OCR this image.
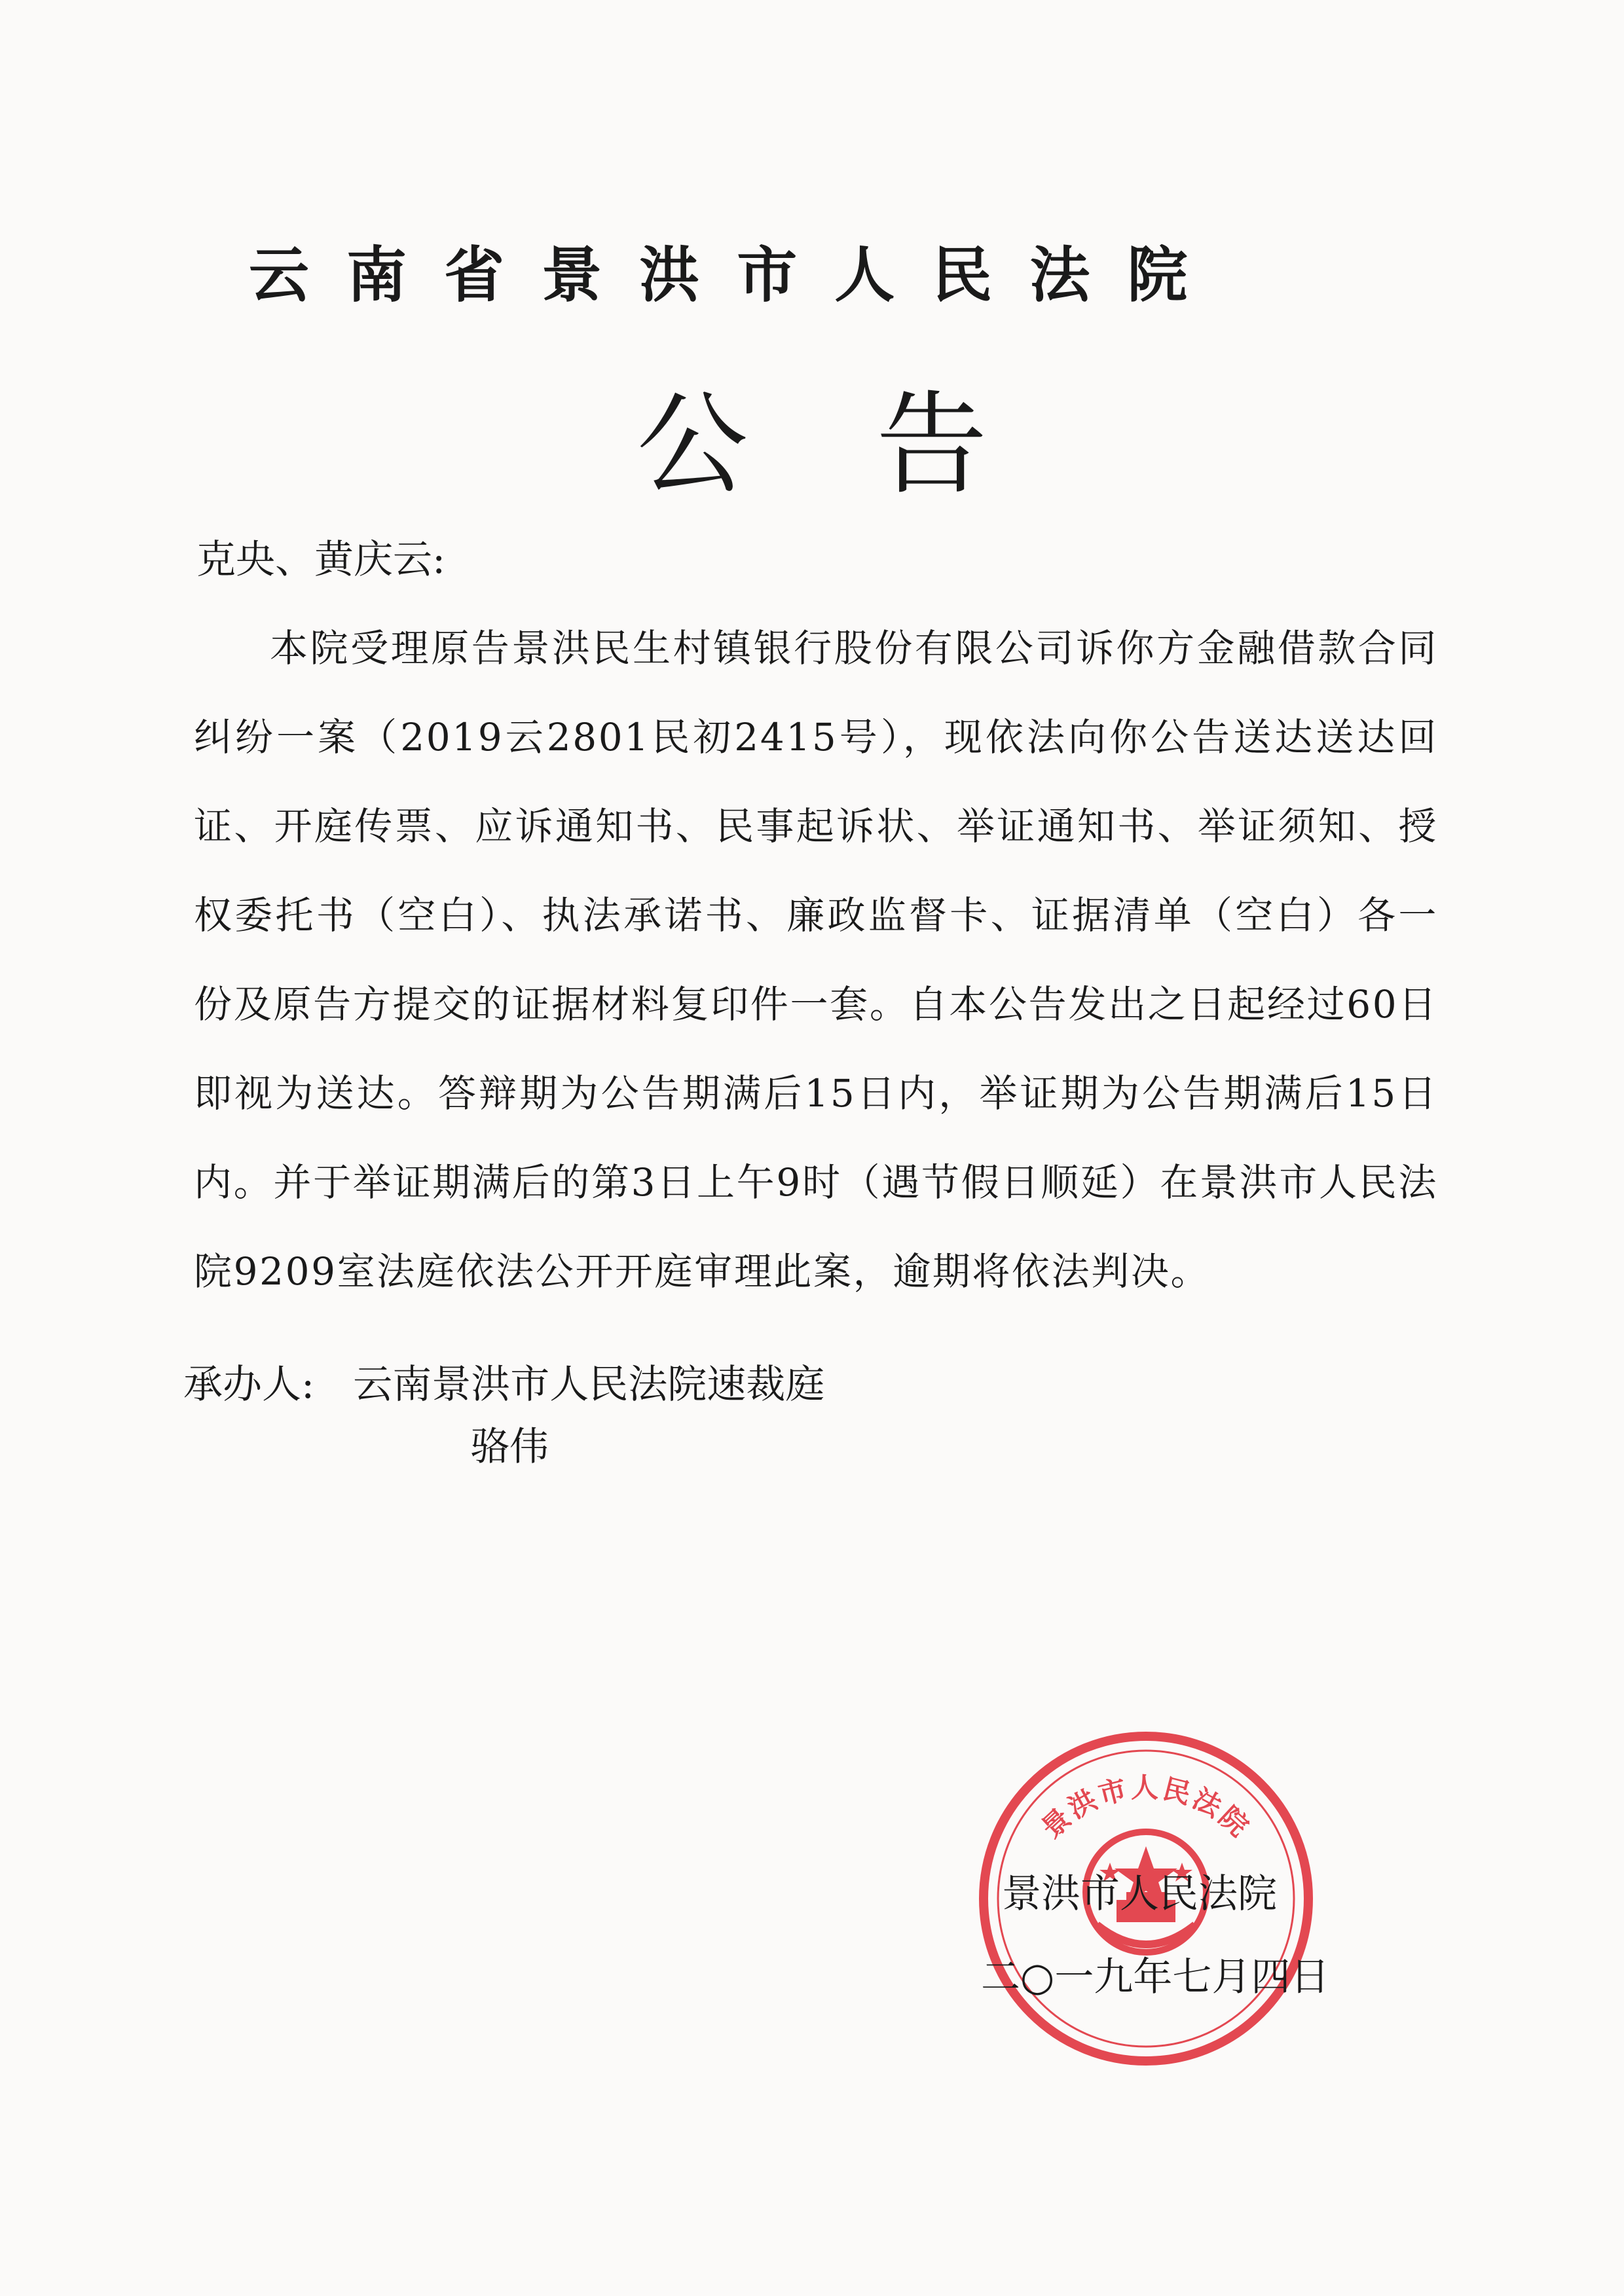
云南省景洪市人民法院
公告
克央、黄庆云:
本院受理原告景洪民生村镇银行股份有限公司诉你方金融借款合同纠纷一案（2019云2801民初2415号），现依法向你公告送达送达回证、开庭传票、应诉通知书、民事起诉状、举证通知书、举证须知、授权委托书（空白）、执法承诺书、廉政监督卡、证据清单（空白）各一份及原告方提交的证据材料复印件一套。自本公告发出之日起经过60日即视为送达。答辩期为公告期满后15日内，举证期为公告期满后15日内。并于举证期满后的第3日上午9时（遇节假日顺延）在景洪市人民法院9209室法庭依法公开开庭审理此案，逾期将依法判决。
承办人: 云南景洪市人民法院速裁庭
骆伟
景洪市人民法院
景洪市人民法院
二○一九年七月四日
